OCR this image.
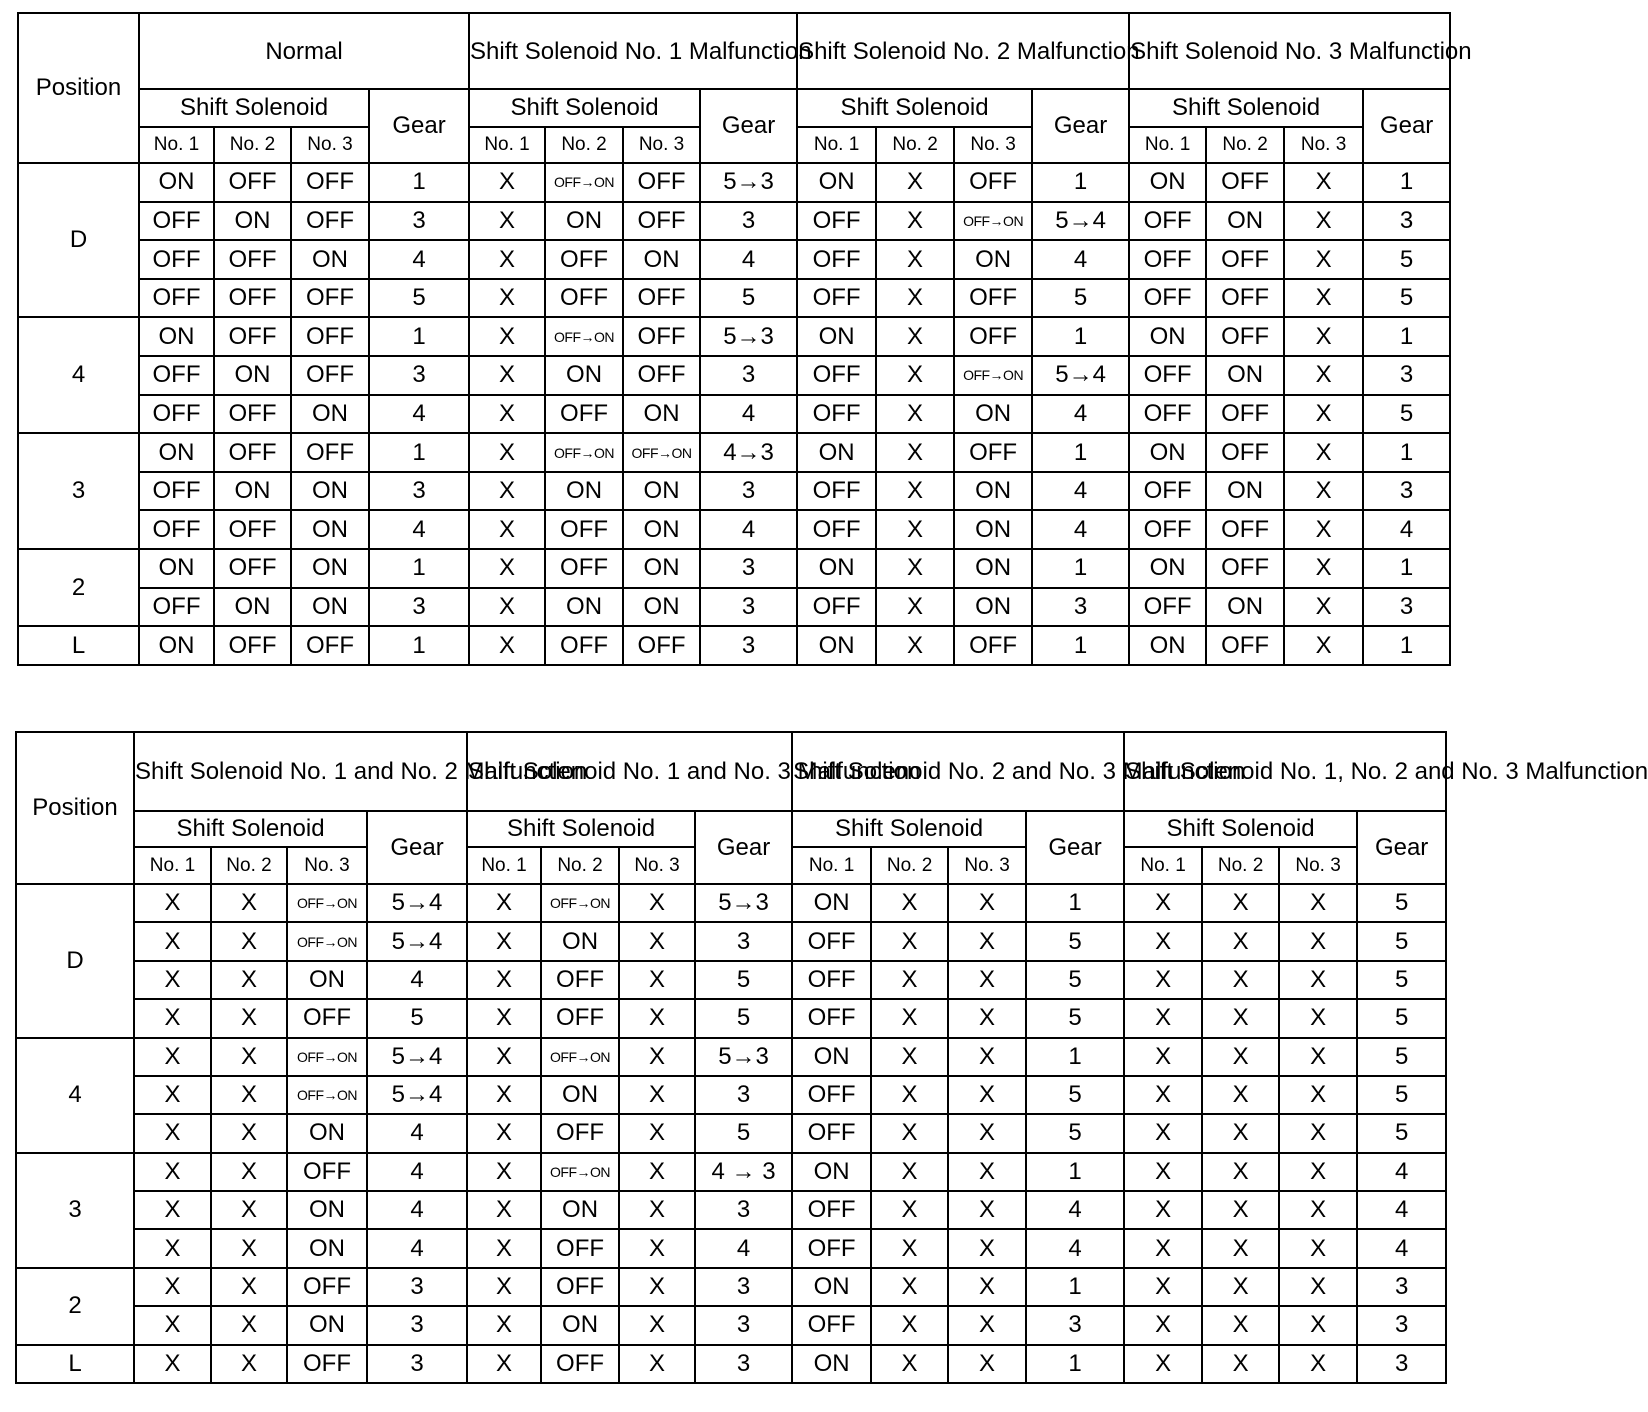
Position	Normal				Shift Solenoid No. 1 Malfunction				Shift Solenoid No. 2 Malfunction				Shift Solenoid No. 3 Malfunction			
	Shift Solenoid			Gear	Shift Solenoid			Gear	Shift Solenoid			Gear	Shift Solenoid			Gear
	No. 1	No. 2	No. 3		No. 1	No. 2	No. 3		No. 1	No. 2	No. 3		No. 1	No. 2	No. 3	
D	ON	OFF	OFF	1	X	OFF→ON	OFF	5→3	ON	X	OFF	1	ON	OFF	X	1
	OFF	ON	OFF	3	X	ON	OFF	3	OFF	X	OFF→ON	5→4	OFF	ON	X	3
	OFF	OFF	ON	4	X	OFF	ON	4	OFF	X	ON	4	OFF	OFF	X	5
	OFF	OFF	OFF	5	X	OFF	OFF	5	OFF	X	OFF	5	OFF	OFF	X	5
4	ON	OFF	OFF	1	X	OFF→ON	OFF	5→3	ON	X	OFF	1	ON	OFF	X	1
	OFF	ON	OFF	3	X	ON	OFF	3	OFF	X	OFF→ON	5→4	OFF	ON	X	3
	OFF	OFF	ON	4	X	OFF	ON	4	OFF	X	ON	4	OFF	OFF	X	5
3	ON	OFF	OFF	1	X	OFF→ON	OFF→ON	4→3	ON	X	OFF	1	ON	OFF	X	1
	OFF	ON	ON	3	X	ON	ON	3	OFF	X	ON	4	OFF	ON	X	3
	OFF	OFF	ON	4	X	OFF	ON	4	OFF	X	ON	4	OFF	OFF	X	4
2	ON	OFF	ON	1	X	OFF	ON	3	ON	X	ON	1	ON	OFF	X	1
	OFF	ON	ON	3	X	ON	ON	3	OFF	X	ON	3	OFF	ON	X	3
L	ON	OFF	OFF	1	X	OFF	OFF	3	ON	X	OFF	1	ON	OFF	X	1
Position	Shift Solenoid No. 1 and No. 2 Malfunction				Shift Solenoid No. 1 and No. 3 Malfunction				Shift Solenoid No. 2 and No. 3 Malfunction				Shift Solenoid No. 1, No. 2 and No. 3 Malfunction			
	Shift Solenoid			Gear	Shift Solenoid			Gear	Shift Solenoid			Gear	Shift Solenoid			Gear
	No. 1	No. 2	No. 3		No. 1	No. 2	No. 3		No. 1	No. 2	No. 3		No. 1	No. 2	No. 3	
D	X	X	OFF→ON	5→4	X	OFF→ON	X	5→3	ON	X	X	1	X	X	X	5
	X	X	OFF→ON	5→4	X	ON	X	3	OFF	X	X	5	X	X	X	5
	X	X	ON	4	X	OFF	X	5	OFF	X	X	5	X	X	X	5
	X	X	OFF	5	X	OFF	X	5	OFF	X	X	5	X	X	X	5
4	X	X	OFF→ON	5→4	X	OFF→ON	X	5→3	ON	X	X	1	X	X	X	5
	X	X	OFF→ON	5→4	X	ON	X	3	OFF	X	X	5	X	X	X	5
	X	X	ON	4	X	OFF	X	5	OFF	X	X	5	X	X	X	5
3	X	X	OFF	4	X	OFF→ON	X	4 → 3	ON	X	X	1	X	X	X	4
	X	X	ON	4	X	ON	X	3	OFF	X	X	4	X	X	X	4
	X	X	ON	4	X	OFF	X	4	OFF	X	X	4	X	X	X	4
2	X	X	OFF	3	X	OFF	X	3	ON	X	X	1	X	X	X	3
	X	X	ON	3	X	ON	X	3	OFF	X	X	3	X	X	X	3
L	X	X	OFF	3	X	OFF	X	3	ON	X	X	1	X	X	X	3
